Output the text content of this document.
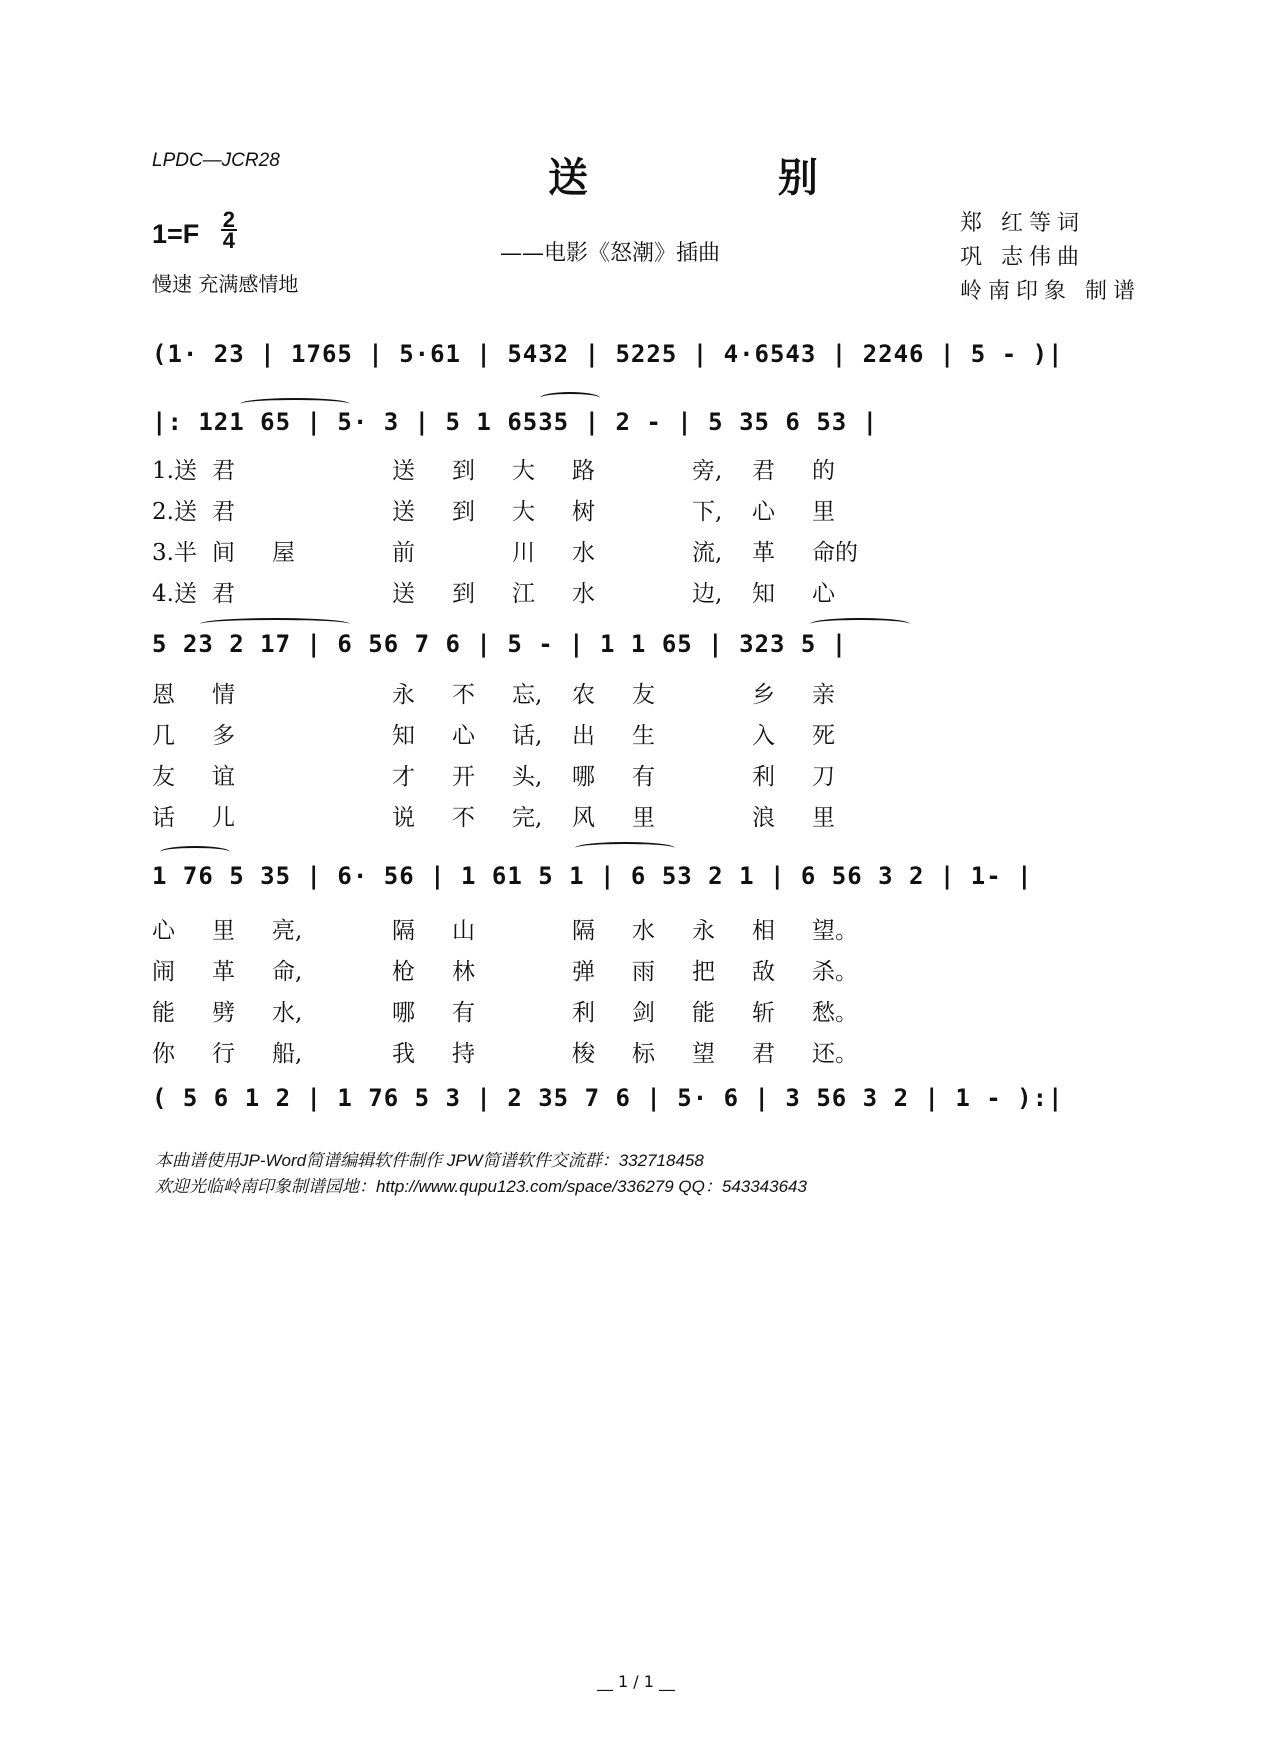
LPDC—JCR28	送 别
$1=F \frac{2}{4}$
慢速 充满感情地
——电影《怒潮》插曲
郑 红等词
巩 志伟曲
岭南印象 制谱
(1· 23 | 1765 | 5·61 | 5432 | 5225 | 4·6543 | 2246 | 5 - )|
|: 121 65 | 5· 3 | 5 1 6535 | 2 - | 5 35 6 53 |
1.送 君	送 到 大 路	旁, 君 的
2.送 君	送 到 大 树	下, 心 里
3.半 间 屋	前	川 水	流, 革 命的
4.送 君	送 到 江 水	边, 知 心
5 23 2 17 | 6 56 7 6 | 5 - | 1 1 65 | 323 5 |
恩 情	永 不 忘, 农 友	乡 亲
几 多	知 心 话, 出 生	入 死
友 谊	才 开 头, 哪 有	利 刀
话 儿	说 不 完, 风 里	浪 里
1 76 5 35 | 6· 56 | 1 61 5 1 | 6 53 2 1 | 6 56 3 2 | 1- |
心 里 亮,	隔 山	隔 水 永 相 望。
闹 革 命,	枪 林	弹 雨 把 敌 杀。
能 劈 水,	哪 有	利 剑 能 斩 愁。
你 行 船,	我 持	梭 标 望 君 还。
( 5 6 1 2 | 1 76 5 3 | 2 35 7 6 | 5· 6 | 3 56 3 2 | 1 - ):|
本曲谱使用JP-Word简谱编辑软件制作 JPW简谱软件交流群：332718458
欢迎光临岭南印象制谱园地：http://www.qupu123.com/space/336279 QQ：543343643
__ 1 / 1 __
